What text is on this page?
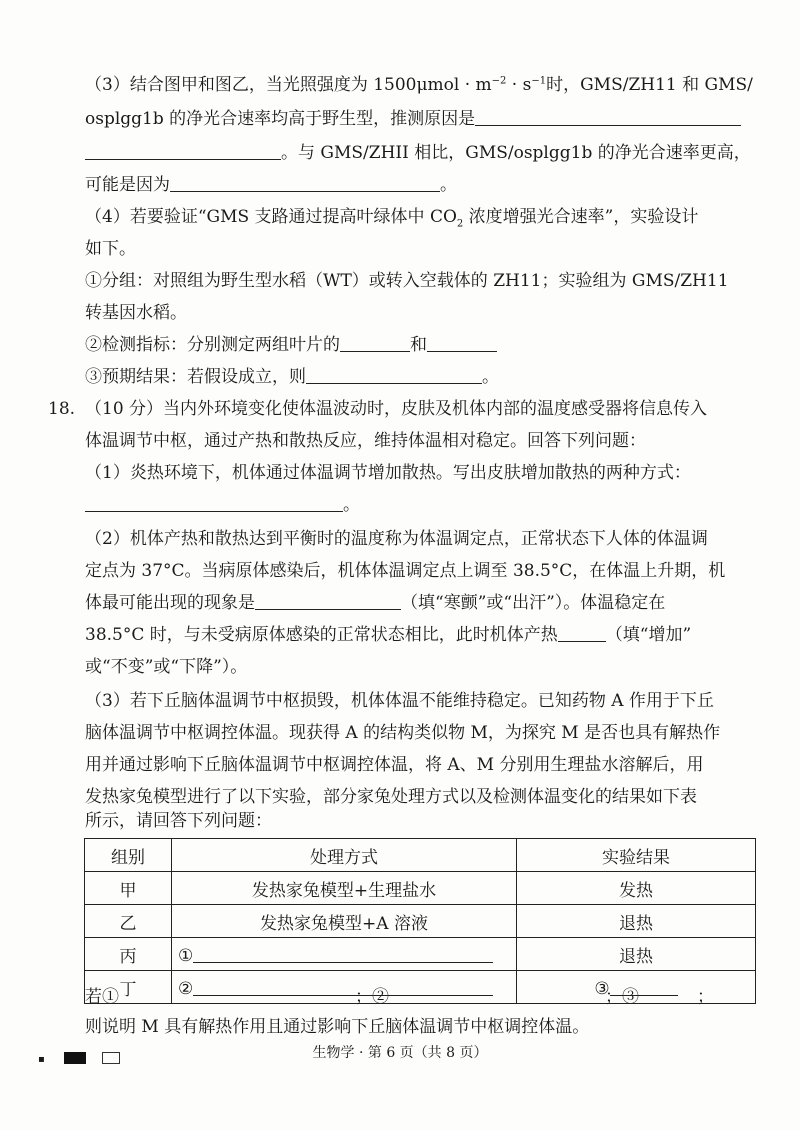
（3）结合图甲和图乙，当光照强度为 $1500\mu mol \cdot m^{-2} \cdot s^{-1}$时，GMS/ZH11 和 GMS/
osplgg1b 的净光合速率均高于野生型，推测原因是
。与 GMS/ZHII 相比，GMS/osplgg1b 的净光合速率更高，
可能是因为	。
（4）若要验证“GMS 支路通过提高叶绿体中 $CO_2$ 浓度增强光合速率”，实验设计
如下。
①分组：对照组为野生型水稻（WT）或转入空载体的 ZH11；实验组为 GMS/ZH11
转基因水稻。
②检测指标：分别测定两组叶片的	和
③预期结果：若假设成立，则	。
18. （10 分）当内外环境变化使体温波动时，皮肤及机体内部的温度感受器将信息传入
体温调节中枢，通过产热和散热反应，维持体温相对稳定。回答下列问题：
（1）炎热环境下，机体通过体温调节增加散热。写出皮肤增加散热的两种方式：
。
（2）机体产热和散热达到平衡时的温度称为体温调定点，正常状态下人体的体温调
定点为 37°C。当病原体感染后，机体体温调定点上调至 38.5°C，在体温上升期，机
体最可能出现的现象是	（填“寒颤”或“出汗”）。体温稳定在
38.5°C 时，与未受病原体感染的正常状态相比，此时机体产热	（填“增加”
或“不变”或“下降”）。
（3）若下丘脑体温调节中枢损毁，机体体温不能维持稳定。已知药物 A 作用于下丘
脑体温调节中枢调控体温。现获得 A 的结构类似物 M，为探究 M 是否也具有解热作
用并通过影响下丘脑体温调节中枢调控体温，将 A、M 分别用生理盐水溶解后，用
发热家兔模型进行了以下实验，部分家兔处理方式以及检测体温变化的结果如下表
组别	处理方式	实验结果
甲	发热家兔模型+生理盐水	发热
乙	发热家兔模型+A 溶液	退热
丙	①	退热
丁	②	③
若①	；②	；③	；
则说明 M 具有解热作用且通过影响下丘脑体温调节中枢调控体温。
生物学 · 第 6 页（共 8 页）
▪
所示，请回答下列问题：
